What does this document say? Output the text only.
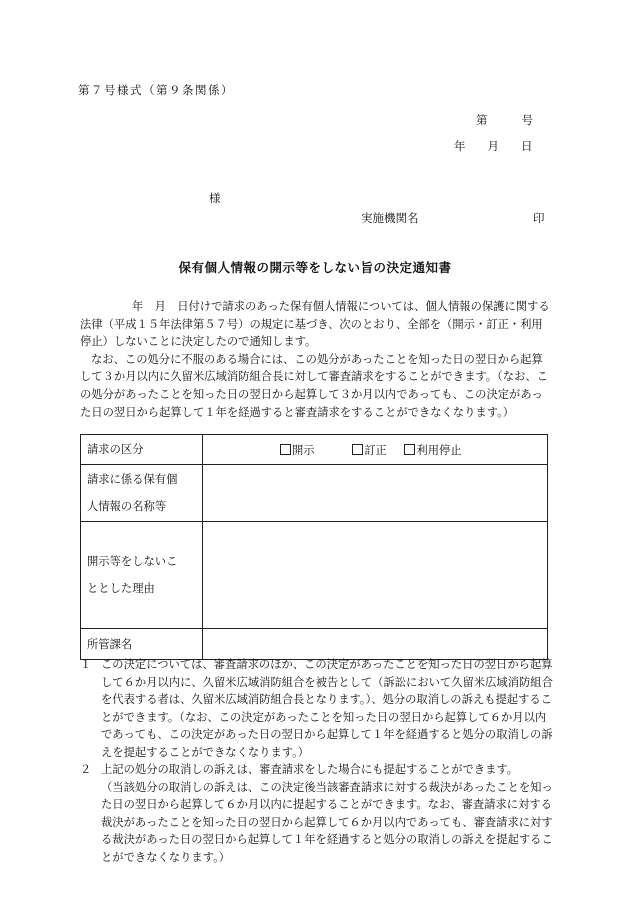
第７号様式（第９条関係）
第	号
年 月 日
様
実施機関名	印
保有個人情報の開示等をしない旨の決定通知書

年　月　日付けで請求のあった保有個人情報については、個人情報の保護に関する法律（平成１５年法律第５７号）の規定に基づき、次のとおり、全部を（開示・訂正・利用停止）しないことに決定したので通知します。

なお、この処分に不服のある場合には、この処分があったことを知った日の翌日から起算して３か月以内に久留米広域消防組合長に対して審査請求をすることができます。（なお、この処分があったことを知った日の翌日から起算して３か月以内であっても、この決定があった日の翌日から起算して１年を経過すると審査請求をすることができなくなります。）

請求の区分	開示 訂正 利用停止

請求に係る保有個
人情報の名称等	

開示等をしないこ
ととした理由	

所管課名	
１ この決定については、審査請求のほか、この決定があったことを知った日の翌日から起算して６か月以内に、久留米広域消防組合を被告として（訴訟において久留米広域消防組合を代表する者は、久留米広域消防組合長となります。）、処分の取消しの訴えも提起することができます。（なお、この決定があったことを知った日の翌日から起算して６か月以内であっても、この決定があった日の翌日から起算して１年を経過すると処分の取消しの訴えを提起することができなくなります。）
２ 上記の処分の取消しの訴えは、審査請求をした場合にも提起することができます。
（当該処分の取消しの訴えは、この決定後当該審査請求に対する裁決があったことを知った日の翌日から起算して６か月以内に提起することができます。なお、審査請求に対する裁決があったことを知った日の翌日から起算して６か月以内であっても、審査請求に対する裁決があった日の翌日から起算して１年を経過すると処分の取消しの訴えを提起することができなくなります。）
